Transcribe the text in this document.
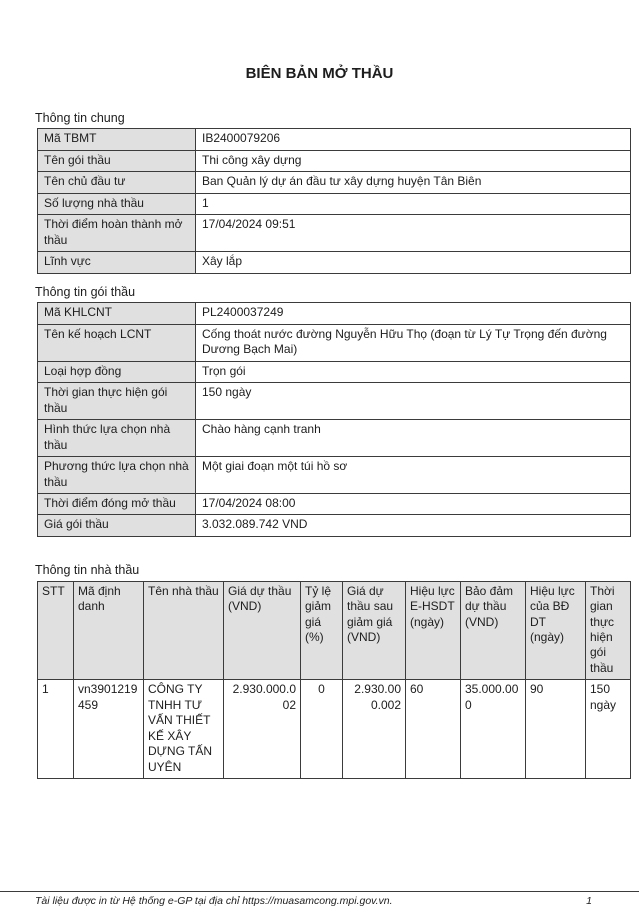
BIÊN BẢN MỞ THẦU

Thông tin chung

Mã TBMT	IB2400079206
Tên gói thầu	Thi công xây dựng
Tên chủ đầu tư	Ban Quản lý dự án đầu tư xây dựng huyện Tân Biên
Số lượng nhà thầu	1
Thời điểm hoàn thành mở thầu	17/04/2024 09:51
Lĩnh vực	Xây lắp

Thông tin gói thầu

Mã KHLCNT	PL2400037249
Tên kế hoạch LCNT	Cống thoát nước đường Nguyễn Hữu Thọ (đoạn từ Lý Tự Trọng đến đường Dương Bạch Mai)
Loại hợp đồng	Trọn gói
Thời gian thực hiện gói thầu	150 ngày
Hình thức lựa chọn nhà thầu	Chào hàng cạnh tranh
Phương thức lựa chọn nhà thầu	Một giai đoạn một túi hồ sơ
Thời điểm đóng mở thầu	17/04/2024 08:00
Giá gói thầu	3.032.089.742 VND

Thông tin nhà thầu

STT	Mã định danh	Tên nhà thầu	Giá dự thầu (VND)	Tỷ lệ giảm giá (%)	Giá dự thầu sau giảm giá (VND)	Hiệu lực E-HSDT (ngày)	Bảo đảm dự thầu (VND)	Hiệu lực của BĐ DT (ngày)	Thời gian thực hiện gói thầu
1	vn3901219459	CÔNG TY TNHH TƯ VẤN THIẾT KẾ XÂY DỰNG TẤN UYÊN	2.930.000.002	0	2.930.000.002	60	35.000.000	90	150 ngày
Tài liệu được in từ Hệ thống e-GP tại địa chỉ https://muasamcong.mpi.gov.vn.	1
